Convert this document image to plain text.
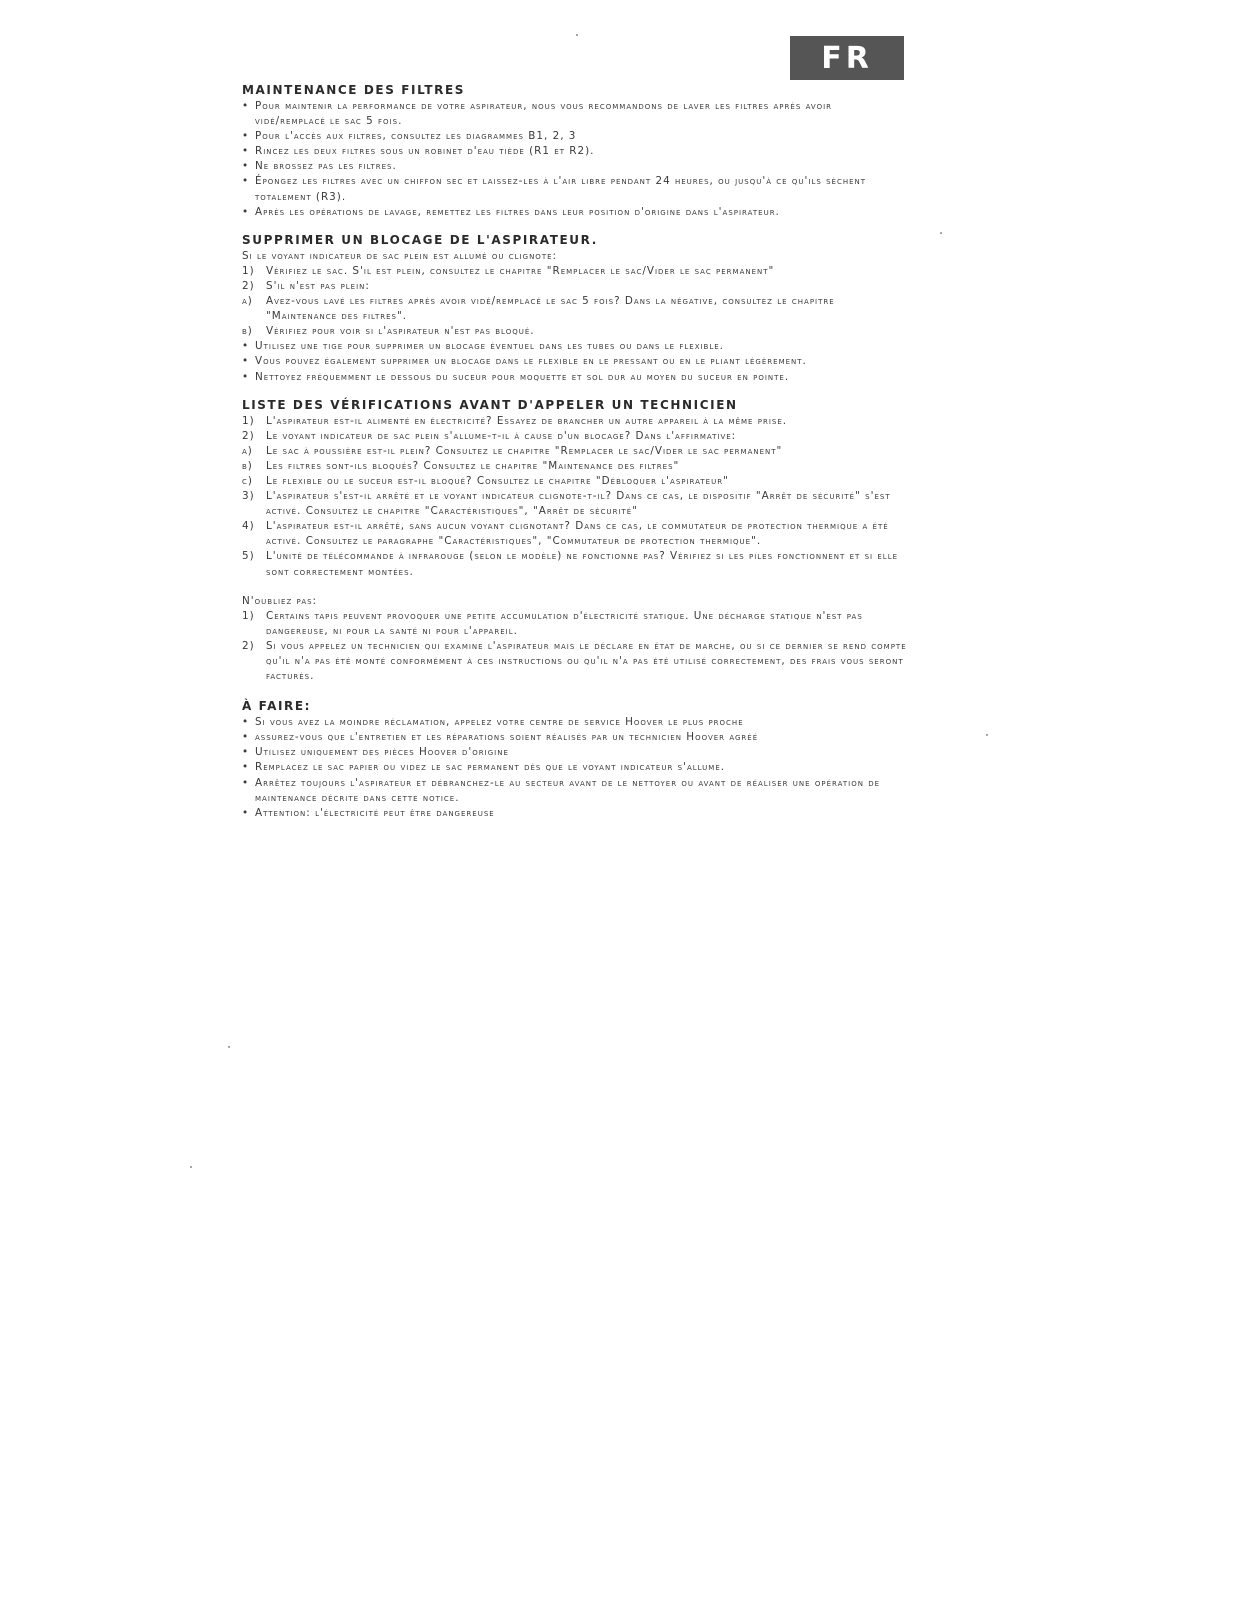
FR
MAINTENANCE DES FILTRES
• Pour maintenir la performance de votre aspirateur, nous vous recommandons de laver les filtres après avoir vidé/remplacé le sac 5 fois.
• Pour l'accès aux filtres, consultez les diagrammes B1, 2, 3
• Rincez les deux filtres sous un robinet d'eau tiède (R1 et R2).
• Ne brossez pas les filtres.
• Épongez les filtres avec un chiffon sec et laissez-les à l'air libre pendant 24 heures, ou jusqu'à ce qu'ils sèchent totalement (R3).
• Après les opérations de lavage, remettez les filtres dans leur position d'origine dans l'aspirateur.
SUPPRIMER UN BLOCAGE DE L'ASPIRATEUR.

Si le voyant indicateur de sac plein est allumé ou clignote:

1) Vérifiez le sac. S'il est plein, consultez le chapitre "Remplacer le sac/Vider le sac permanent"
2) S'il n'est pas plein:
a) Avez-vous lavé les filtres après avoir vidé/remplacé le sac 5 fois? Dans la négative, consultez le chapitre "Maintenance des filtres".
b) Vérifiez pour voir si l'aspirateur n'est pas bloqué.
• Utilisez une tige pour supprimer un blocage éventuel dans les tubes ou dans le flexible.
• Vous pouvez également supprimer un blocage dans le flexible en le pressant ou en le pliant légèrement.
• Nettoyez fréquemment le dessous du suceur pour moquette et sol dur au moyen du suceur en pointe.
LISTE DES VÉRIFICATIONS AVANT D'APPELER UN TECHNICIEN
1) L'aspirateur est-il alimenté en électricité? Essayez de brancher un autre appareil à la même prise.
2) Le voyant indicateur de sac plein s'allume-t-il à cause d'un blocage? Dans l'affirmative:
a) Le sac à poussière est-il plein? Consultez le chapitre "Remplacer le sac/Vider le sac permanent"
b) Les filtres sont-ils bloqués? Consultez le chapitre "Maintenance des filtres"
c) Le flexible ou le suceur est-il bloqué? Consultez le chapitre "Débloquer l'aspirateur"
3) L'aspirateur s'est-il arrêté et le voyant indicateur clignote-t-il? Dans ce cas, le dispositif "Arrêt de sécurité" s'est activé. Consultez le chapitre "Caractéristiques", "Arrêt de sécurité"
4) L'aspirateur est-il arrêté, sans aucun voyant clignotant? Dans ce cas, le commutateur de protection thermique a été activé. Consultez le paragraphe "Caractéristiques", "Commutateur de protection thermique".
5) L'unité de télécommande à infrarouge (selon le modèle) ne fonctionne pas? Vérifiez si les piles fonctionnent et si elle sont correctement montées.

N'oubliez pas:

1) Certains tapis peuvent provoquer une petite accumulation d'électricité statique. Une décharge statique n'est pas dangereuse, ni pour la santé ni pour l'appareil.
2) Si vous appelez un technicien qui examine l'aspirateur mais le déclare en état de marche, ou si ce dernier se rend compte qu'il n'a pas été monté conformément à ces instructions ou qu'il n'a pas été utilisé correctement, des frais vous seront facturés.
À FAIRE:
• Si vous avez la moindre réclamation, appelez votre centre de service Hoover le plus proche
• assurez-vous que l'entretien et les réparations soient réalisés par un technicien Hoover agréé
• Utilisez uniquement des pièces Hoover d'origine
• Remplacez le sac papier ou videz le sac permanent dès que le voyant indicateur s'allume.
• Arrêtez toujours l'aspirateur et débranchez-le au secteur avant de le nettoyer ou avant de réaliser une opération de maintenance décrite dans cette notice.
• Attention: l'électricité peut être dangereuse
